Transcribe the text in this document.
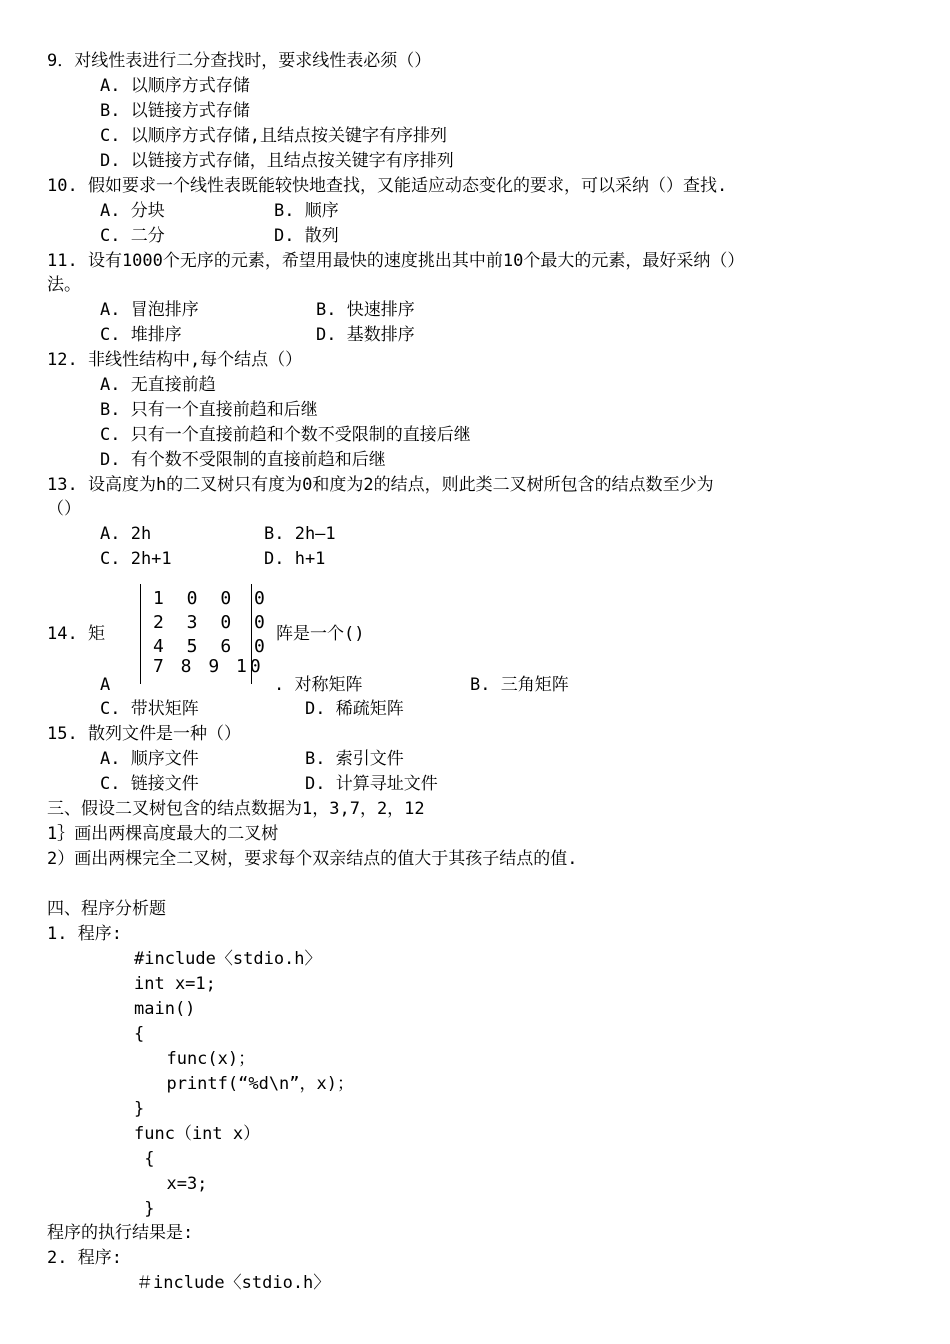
9．对线性表进行二分查找时，要求线性表必须（）
A. 以顺序方式存储
B. 以链接方式存储
C. 以顺序方式存储,且结点按关键字有序排列
D. 以链接方式存储，且结点按关键字有序排列
10. 假如要求一个线性表既能较快地查找，又能适应动态变化的要求，可以采纳（）查找.
A. 分块	B. 顺序
C. 二分	D. 散列
11. 设有1000个无序的元素，希望用最快的速度挑出其中前10个最大的元素，最好采纳（）
法。
A. 冒泡排序	B. 快速排序
C. 堆排序	D. 基数排序
12. 非线性结构中,每个结点（）
A. 无直接前趋
B. 只有一个直接前趋和后继
C. 只有一个直接前趋和个数不受限制的直接后继
D. 有个数不受限制的直接前趋和后继
13. 设高度为h的二叉树只有度为0和度为2的结点，则此类二叉树所包含的结点数至少为
（）
A. 2h	B. 2h—1
C. 2h+1	D. h+1
14. 矩
1 0 0 0
2 3 0 0
4 5 6 0
7 8 9 10
阵是一个()
A	. 对称矩阵	B. 三角矩阵
C. 带状矩阵	D. 稀疏矩阵
15. 散列文件是一种（）
A. 顺序文件	B. 索引文件
C. 链接文件	D. 计算寻址文件
三、假设二叉树包含的结点数据为1，3,7，2，12
1｝画出两棵高度最大的二叉树
2）画出两棵完全二叉树，要求每个双亲结点的值大于其孩子结点的值.
四、程序分析题
1. 程序:
#include〈stdio.h〉
int x=1;
main()
{
func(x)；
printf(“%d\n”，x)；
}
func（int x）
{
x=3;
}
程序的执行结果是:
2. 程序:
＃include〈stdio.h〉
